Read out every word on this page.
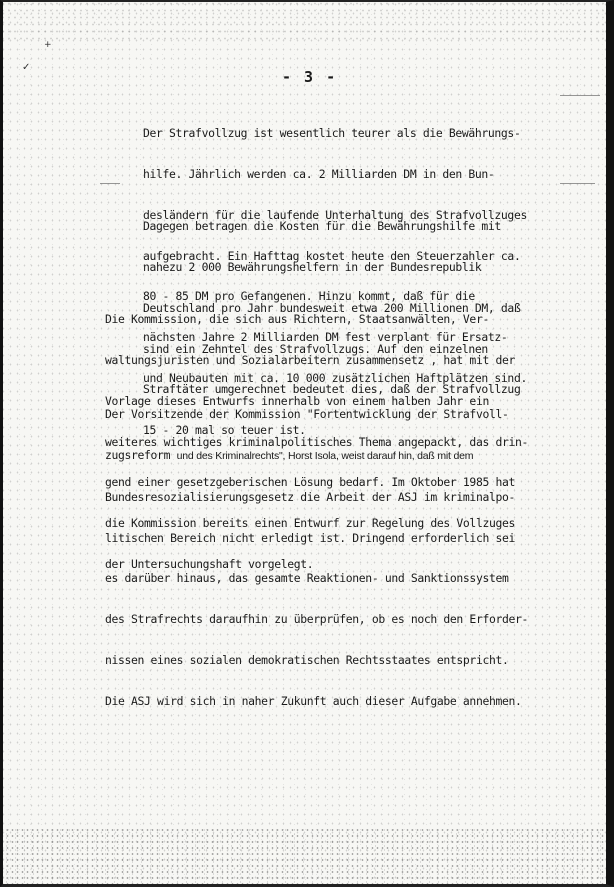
+
✓
- 3 -

Der Strafvollzug ist wesentlich teurer als die Bewährungs-

hilfe. Jährlich werden ca. 2 Milliarden DM in den Bun-

desländern für die laufende Unterhaltung des Strafvollzuges

aufgebracht. Ein Hafttag kostet heute den Steuerzahler ca.

80 - 85 DM pro Gefangenen. Hinzu kommt, daß für die

nächsten Jahre 2 Milliarden DM fest verplant für Ersatz-

und Neubauten mit ca. 10 000 zusätzlichen Haftplätzen sind.

Dagegen betragen die Kosten für die Bewährungshilfe mit

nahezu 2 000 Bewährungshelfern in der Bundesrepublik

Deutschland pro Jahr bundesweit etwa 200 Millionen DM, daß

sind ein Zehntel des Strafvollzugs. Auf den einzelnen

Straftäter umgerechnet bedeutet dies, daß der Strafvollzug

15 - 20 mal so teuer ist.

Die Kommission, die sich aus Richtern, Staatsanwälten, Ver-

waltungsjuristen und Sozialarbeitern zusammensetz , hat mit der

Vorlage dieses Entwurfs innerhalb von einem halben Jahr ein

weiteres wichtiges kriminalpolitisches Thema angepackt, das drin-

gend einer gesetzgeberischen Lösung bedarf. Im Oktober 1985 hat

die Kommission bereits einen Entwurf zur Regelung des Vollzuges

der Untersuchungshaft vorgelegt.

Der Vorsitzende der Kommission "Fortentwicklung der Strafvoll-

zugsreform und des Kriminalrechts", Horst Isola, weist darauf hin, daß mit dem

Bundesresozialisierungsgesetz die Arbeit der ASJ im kriminalpo-

litischen Bereich nicht erledigt ist. Dringend erforderlich sei

es darüber hinaus, das gesamte Reaktionen- und Sanktionssystem

des Strafrechts daraufhin zu überprüfen, ob es noch den Erforder-

nissen eines sozialen demokratischen Rechtsstaates entspricht.

Die ASJ wird sich in naher Zukunft auch dieser Aufgabe annehmen.
